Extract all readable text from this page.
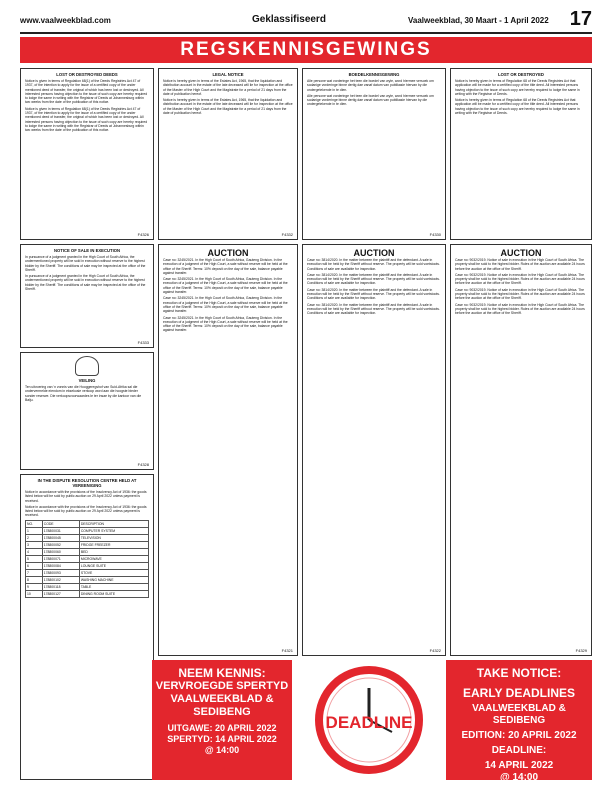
www.vaalweekblad.com	Geklassifiseerd	Vaalweekblad, 30 Maart - 1 April 2022 17
REGSKENNISGEWINGS
LOST OR DESTROYED DEEDS

Notice is given in terms of Regulation 68(1) of the Deeds Registries Act 47 of 1937, of the intention to apply for the issue of a certified copy of the under mentioned deed of transfer, the original of which has been lost or destroyed. All interested persons having objection to the issue of such copy are hereby required to lodge the same in writing with the Registrar of Deeds at Johannesburg within two weeks from the date of the publication of this notice.

Notice is given in terms of Regulation 68(1) of the Deeds Registries Act 47 of 1937, of the intention to apply for the issue of a certified copy of the under mentioned deed of transfer, the original of which has been lost or destroyed. All interested persons having objection to the issue of such copy are hereby required to lodge the same in writing with the Registrar of Deeds at Johannesburg within two weeks from the date of the publication of this notice.

F4326
LEGAL NOTICE

Notice is hereby given in terms of the Estates Act, 1965, that the liquidation and distribution account in the estate of the late deceased will lie for inspection at the office of the Master of the High Court and the Magistrate for a period of 21 days from the date of publication hereof.

Notice is hereby given in terms of the Estates Act, 1965, that the liquidation and distribution account in the estate of the late deceased will lie for inspection at the office of the Master of the High Court and the Magistrate for a period of 21 days from the date of publication hereof.

F4332
BOEDELKENNISGEWING

Alle persone wat vorderinge het teen die boedel van wyle, word hiermee versoek om sodanige vorderinge binne dertig dae vanaf datum van publikasie hiervan by die ondergetekende in te dien.

Alle persone wat vorderinge het teen die boedel van wyle, word hiermee versoek om sodanige vorderinge binne dertig dae vanaf datum van publikasie hiervan by die ondergetekende in te dien.

F4330
LOST OR DESTROYED

Notice is hereby given in terms of Regulation 68 of the Deeds Registries Act that application will be made for a certified copy of the title deed. All interested persons having objection to the issue of such copy are hereby required to lodge the same in writing with the Registrar of Deeds.

Notice is hereby given in terms of Regulation 68 of the Deeds Registries Act that application will be made for a certified copy of the title deed. All interested persons having objection to the issue of such copy are hereby required to lodge the same in writing with the Registrar of Deeds.

NOTICE OF SALE IN EXECUTION

In pursuance of a judgment granted in the High Court of South Africa, the undermentioned property will be sold in execution without reserve to the highest bidder by the Sheriff. The conditions of sale may be inspected at the office of the Sheriff.

In pursuance of a judgment granted in the High Court of South Africa, the undermentioned property will be sold in execution without reserve to the highest bidder by the Sheriff. The conditions of sale may be inspected at the office of the Sheriff.

F4333
VEILING

Ten uitvoering van 'n vonnis van die Hooggeregshof van Suid-Afrika sal die ondervermelde eiendom in eksekusie verkoop word aan die hoogste bieder sonder reserwe. Die verkoopsvoorwaardes le ter insae by die kantoor van die Balju.

F4328
IN THE DISPUTE RESOLUTION CENTRE HELD AT VEREENIGING

Notice in accordance with the provisions of the Insolvency Act of 1936: the goods listed below will be sold by public auction on 29 April 2022 unless payment is received.

Notice in accordance with the provisions of the Insolvency Act of 1936: the goods listed below will be sold by public auction on 29 April 2022 unless payment is received.

NO.	CODE	DESCRIPTION
1	178800031	COMPUTER SYSTEM
2	178800045	TELEVISION
3	178800052	FRIDGE FREEZER
4	178800060	BED
5	178800071	MICROWAVE
6	178800084	LOUNGE SUITE
7	178800093	STOVE
8	178800102	WASHING MACHINE
9	178800118	TABLE
10	178800127	DINING ROOM SUITE
AUCTION

Case no: 3245/2021. In the High Court of South Africa, Gauteng Division. In the execution of a judgment of the High Court, a sale without reserve will be held at the office of the Sheriff. Terms: 10% deposit on the day of the sale, balance payable against transfer.

Case no: 3245/2021. In the High Court of South Africa, Gauteng Division. In the execution of a judgment of the High Court, a sale without reserve will be held at the office of the Sheriff. Terms: 10% deposit on the day of the sale, balance payable against transfer.

Case no: 3245/2021. In the High Court of South Africa, Gauteng Division. In the execution of a judgment of the High Court, a sale without reserve will be held at the office of the Sheriff. Terms: 10% deposit on the day of the sale, balance payable against transfer.

Case no: 3245/2021. In the High Court of South Africa, Gauteng Division. In the execution of a judgment of the High Court, a sale without reserve will be held at the office of the Sheriff. Terms: 10% deposit on the day of the sale, balance payable against transfer.

F4321
AUCTION

Case no: 3814/2020. In the matter between the plaintiff and the defendant. A sale in execution will be held by the Sheriff without reserve. The property will be sold voetstoots. Conditions of sale are available for inspection.

Case no: 3814/2020. In the matter between the plaintiff and the defendant. A sale in execution will be held by the Sheriff without reserve. The property will be sold voetstoots. Conditions of sale are available for inspection.

Case no: 3814/2020. In the matter between the plaintiff and the defendant. A sale in execution will be held by the Sheriff without reserve. The property will be sold voetstoots. Conditions of sale are available for inspection.

Case no: 3814/2020. In the matter between the plaintiff and the defendant. A sale in execution will be held by the Sheriff without reserve. The property will be sold voetstoots. Conditions of sale are available for inspection.

F4322
AUCTION

Case no: 9032/2019. Notice of sale in execution in the High Court of South Africa. The property shall be sold to the highest bidder. Rules of the auction are available 24 hours before the auction at the office of the Sheriff.

Case no: 9032/2019. Notice of sale in execution in the High Court of South Africa. The property shall be sold to the highest bidder. Rules of the auction are available 24 hours before the auction at the office of the Sheriff.

Case no: 9032/2019. Notice of sale in execution in the High Court of South Africa. The property shall be sold to the highest bidder. Rules of the auction are available 24 hours before the auction at the office of the Sheriff.

Case no: 9032/2019. Notice of sale in execution in the High Court of South Africa. The property shall be sold to the highest bidder. Rules of the auction are available 24 hours before the auction at the office of the Sheriff.

F4329
NEEM KENNIS:
VERVROEGDE SPERTYD
VAALWEEKBLAD &
SEDIBENG
UITGAWE: 20 APRIL 2022
SPERTYD: 14 APRIL 2022
@ 14:00
DEADLINE
TAKE NOTICE:
EARLY DEADLINES
VAALWEEKBLAD & SEDIBENG
EDITION: 20 APRIL 2022
DEADLINE:
14 APRIL 2022
@ 14:00
